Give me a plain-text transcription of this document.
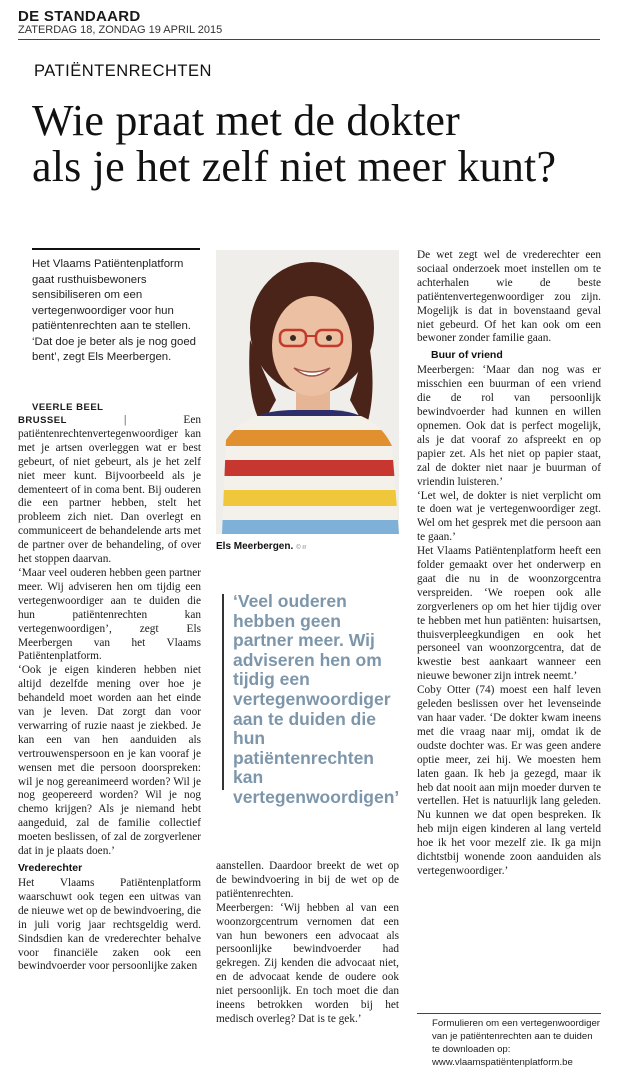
DE STANDAARD
ZATERDAG 18, ZONDAG 19 APRIL 2015
PATIËNTENRECHTEN
Wie praat met de dokter
als je het zelf niet meer kunt?
Het Vlaams Patiëntenplatform gaat rusthuisbewoners sensibiliseren om een vertegenwoordiger voor hun patiëntenrechten aan te stellen. ‘Dat doe je beter als je nog goed bent’, zegt Els Meerbergen.
Els Meerbergen. © rr
VEERLE BEEL

BRUSSEL	| Een patiëntenrechtenvertegenwoordiger kan met je artsen overleggen wat er best gebeurt, of niet gebeurt, als je het zelf niet meer kunt. Bijvoorbeeld als je dementeert of in coma bent. Bij ouderen die een partner hebben, stelt het probleem zich niet. Dan overlegt en communiceert de behandelende arts met de partner over de behandeling, of over het stoppen daarvan.

‘Maar veel ouderen hebben geen partner meer. Wij adviseren hen om tijdig een vertegenwoordiger aan te duiden die hun patiëntenrechten kan vertegenwoordigen’, zegt Els Meerbergen van het Vlaams Patiëntenplatform.

‘Ook je eigen kinderen hebben niet altijd dezelfde mening over hoe je behandeld moet worden aan het einde van je leven. Dat zorgt dan voor verwarring of ruzie naast je ziekbed. Je kan een van hen aanduiden als vertrouwenspersoon en je kan vooraf je wensen met die persoon doorspreken: wil je nog gereanimeerd worden? Wil je nog geopereerd worden? Wil je nog chemo krijgen? Als je niemand hebt aangeduid, zal de familie collectief moeten beslissen, of zal de zorgverlener dat in je plaats doen.’

Vrederechter

Het Vlaams Patiëntenplatform waarschuwt ook tegen een uitwas van de nieuwe wet op de bewindvoering, die in juli vorig jaar rechtsgeldig werd. Sindsdien kan de vrederechter behalve voor financiële zaken ook een bewindvoerder voor persoonlijke zaken

‘Veel ouderen hebben geen partner meer. Wij adviseren hen om tijdig een vertegenwoordiger aan te duiden die hun patiëntenrechten kan vertegenwoordigen’

aanstellen. Daardoor breekt de wet op de bewindvoering in bij de wet op de patiëntenrechten.

Meerbergen: ‘Wij hebben al van een woonzorgcentrum vernomen dat een van hun bewoners een advocaat als persoonlijke bewindvoerder had gekregen. Zij kenden die advocaat niet, en de advocaat kende de oudere ook niet persoonlijk. En toch moet die dan ineens betrokken worden bij het medisch overleg? Dat is te gek.’

De wet zegt wel de vrederechter een sociaal onderzoek moet instellen om te achterhalen wie de beste patiëntenvertegenwoordiger zou zijn. Mogelijk is dat in bovenstaand geval niet gebeurd. Of het kan ook om een bewoner zonder familie gaan.

Buur of vriend

Meerbergen: ‘Maar dan nog was er misschien een buurman of een vriend die de rol van persoonlijk bewindvoerder had kunnen en willen opnemen. Ook dat is perfect mogelijk, als je dat vooraf zo afspreekt en op papier zet. Als het niet op papier staat, zal de dokter niet naar je buurman of vriendin luisteren.’

‘Let wel, de dokter is niet verplicht om te doen wat je vertegenwoordiger zegt. Wel om het gesprek met die persoon aan te gaan.’

Het Vlaams Patiëntenplatform heeft een folder gemaakt over het onderwerp en gaat die nu in de woonzorgcentra verspreiden. ‘We roepen ook alle zorgverleners op om het hier tijdig over te hebben met hun patiënten: huisartsen, thuisverpleegkundigen en ook het personeel van woonzorgcentra, dat de kwestie best aankaart wanneer een nieuwe bewoner zijn intrek neemt.’

Coby Otter (74) moest een half leven geleden beslissen over het levenseinde van haar vader. ‘De dokter kwam ineens met die vraag naar mij, omdat ik de oudste dochter was. Er was geen andere optie meer, zei hij. We moesten hem laten gaan. Ik heb ja gezegd, maar ik heb dat nooit aan mijn moeder durven te vertellen. Het is natuurlijk lang geleden. Nu kunnen we dat open bespreken. Ik heb mijn eigen kinderen al lang verteld hoe ik het voor mezelf zie. Ik ga mijn dichtstbij wonende zoon aanduiden als vertegenwoordiger.’

Formulieren om een vertegenwoordiger van je patiëntenrechten aan te duiden te downloaden op:
www.vlaamspatiëntenplatform.be
